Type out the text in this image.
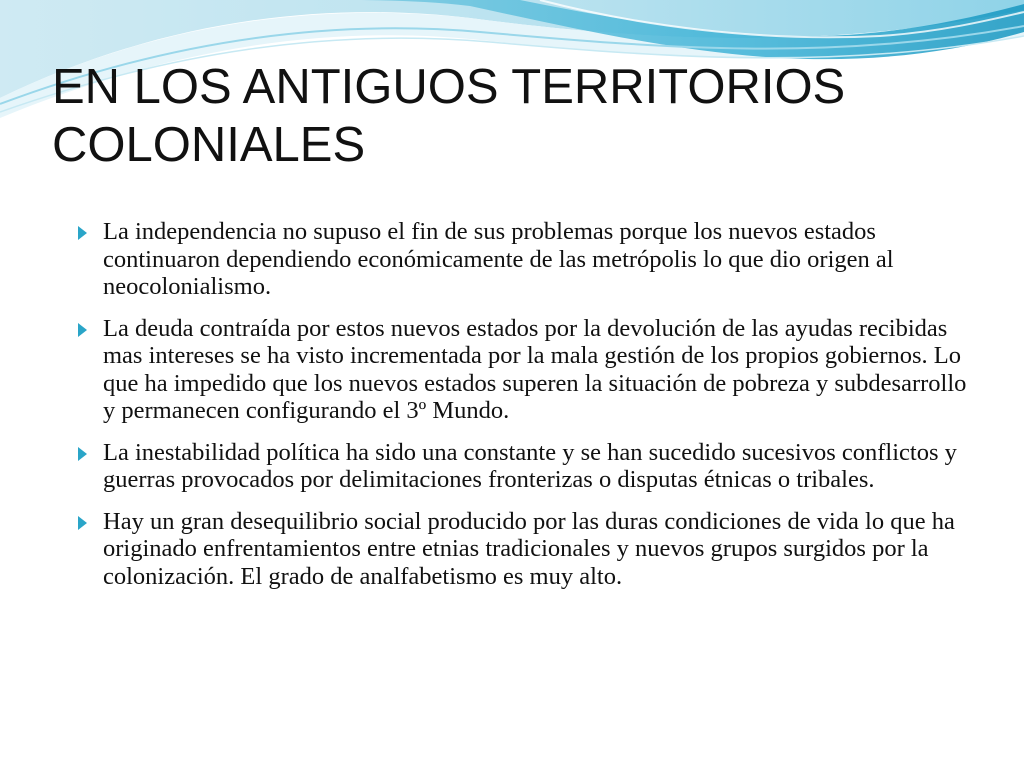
EN LOS ANTIGUOS TERRITORIOS COLONIALES
La independencia no supuso el fin de sus problemas porque los nuevos estados continuaron dependiendo económicamente de las metrópolis lo que dio origen al neocolonialismo.
La deuda contraída por estos nuevos estados por la devolución de las ayudas recibidas mas intereses se ha visto incrementada por la mala gestión de los propios gobiernos. Lo que ha impedido que los nuevos estados superen la situación de pobreza y subdesarrollo y permanecen configurando el 3º Mundo.
La inestabilidad política ha sido una constante y se han sucedido sucesivos conflictos y guerras provocados por delimitaciones fronterizas o disputas étnicas o tribales.
Hay un gran desequilibrio social producido por las duras condiciones de vida lo que ha originado enfrentamientos entre etnias tradicionales y nuevos grupos surgidos por la colonización. El grado de analfabetismo es muy alto.
